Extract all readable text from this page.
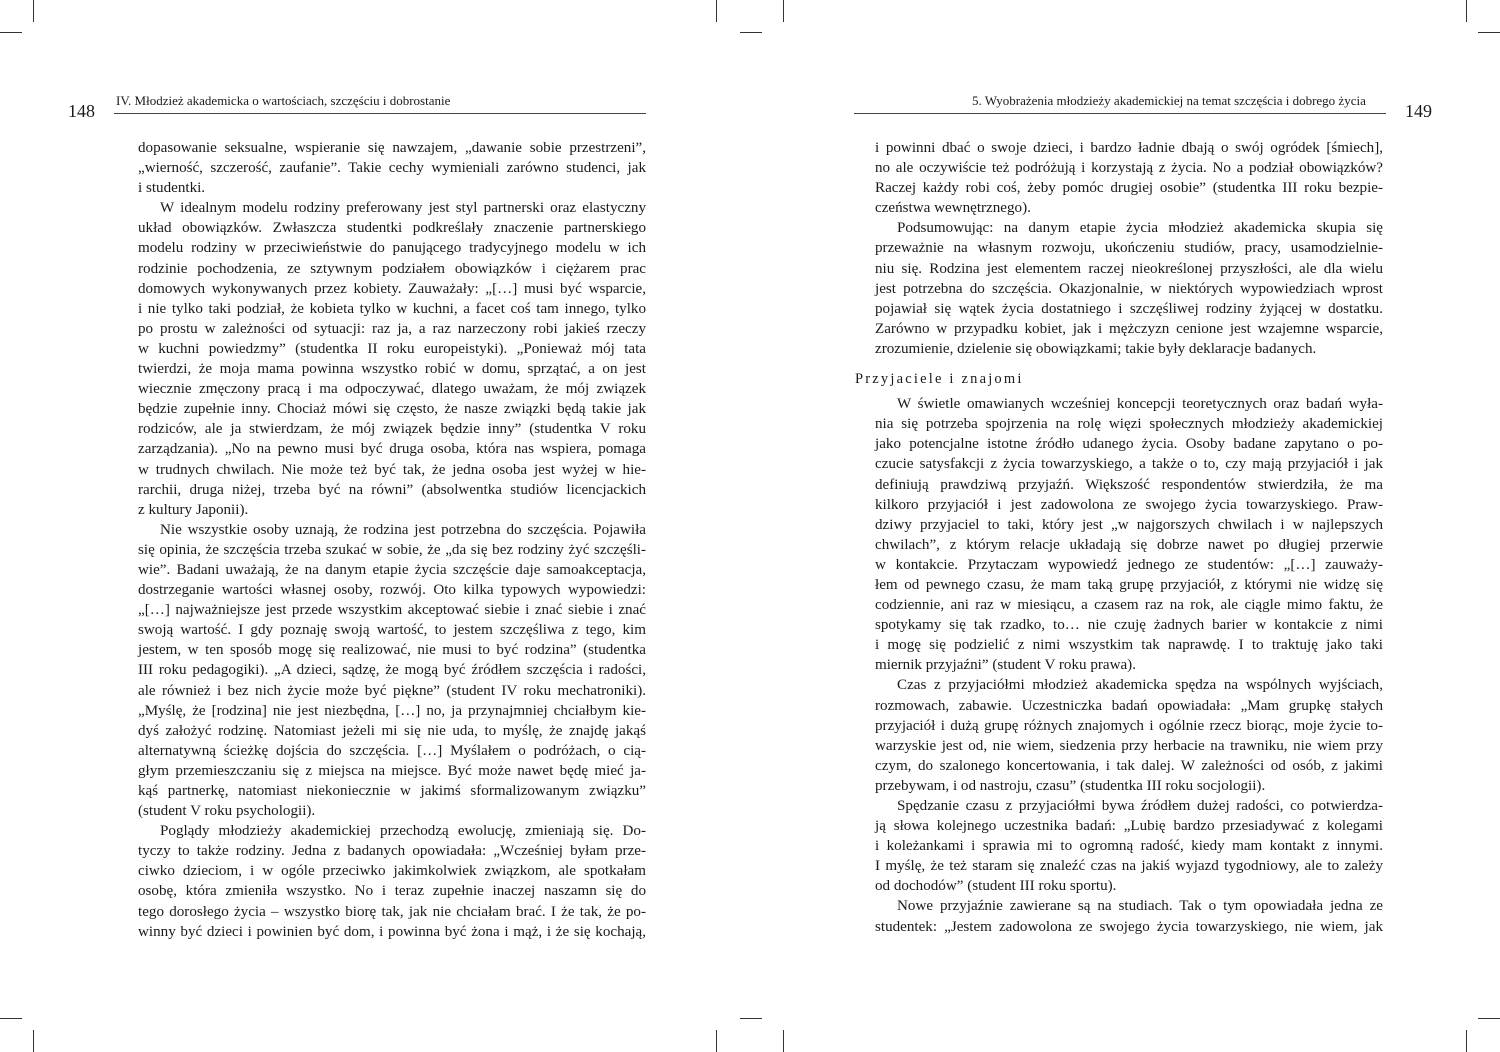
148
IV. Młodzież akademicka o wartościach, szczęściu i dobrostanie
dopasowanie seksualne, wspieranie się nawzajem, „dawanie sobie przestrzeni”,
„wierność, szczerość, zaufanie”. Takie cechy wymieniali zarówno studenci, jak
i studentki.
W idealnym modelu rodziny preferowany jest styl partnerski oraz elastyczny
układ obowiązków. Zwłaszcza studentki podkreślały znaczenie partnerskiego
modelu rodziny w przeciwieństwie do panującego tradycyjnego modelu w ich
rodzinie pochodzenia, ze sztywnym podziałem obowiązków i ciężarem prac
domowych wykonywanych przez kobiety. Zauważały: „[…] musi być wsparcie,
i nie tylko taki podział, że kobieta tylko w kuchni, a facet coś tam innego, tylko
po prostu w zależności od sytuacji: raz ja, a raz narzeczony robi jakieś rzeczy
w kuchni powiedzmy” (studentka II roku europeistyki). „Ponieważ mój tata
twierdzi, że moja mama powinna wszystko robić w domu, sprzątać, a on jest
wiecznie zmęczony pracą i ma odpoczywać, dlatego uważam, że mój związek
będzie zupełnie inny. Chociaż mówi się często, że nasze związki będą takie jak
rodziców, ale ja stwierdzam, że mój związek będzie inny” (studentka V roku
zarządzania). „No na pewno musi być druga osoba, która nas wspiera, pomaga
w trudnych chwilach. Nie może też być tak, że jedna osoba jest wyżej w hie-
rarchii, druga niżej, trzeba być na równi” (absolwentka studiów licencjackich
z kultury Japonii).
Nie wszystkie osoby uznają, że rodzina jest potrzebna do szczęścia. Pojawiła
się opinia, że szczęścia trzeba szukać w sobie, że „da się bez rodziny żyć szczęśli-
wie”. Badani uważają, że na danym etapie życia szczęście daje samoakceptacja,
dostrzeganie wartości własnej osoby, rozwój. Oto kilka typowych wypowiedzi:
„[…] najważniejsze jest przede wszystkim akceptować siebie i znać siebie i znać
swoją wartość. I gdy poznaję swoją wartość, to jestem szczęśliwa z tego, kim
jestem, w ten sposób mogę się realizować, nie musi to być rodzina” (studentka
III roku pedagogiki). „A dzieci, sądzę, że mogą być źródłem szczęścia i radości,
ale również i bez nich życie może być piękne” (student IV roku mechatroniki).
„Myślę, że [rodzina] nie jest niezbędna, […] no, ja przynajmniej chciałbym kie-
dyś założyć rodzinę. Natomiast jeżeli mi się nie uda, to myślę, że znajdę jakąś
alternatywną ścieżkę dojścia do szczęścia. […] Myślałem o podróżach, o cią-
głym przemieszczaniu się z miejsca na miejsce. Być może nawet będę mieć ja-
kąś partnerkę, natomiast niekoniecznie w jakimś sformalizowanym związku”
(student V roku psychologii).
Poglądy młodzieży akademickiej przechodzą ewolucję, zmieniają się. Do-
tyczy to także rodziny. Jedna z badanych opowiadała: „Wcześniej byłam prze-
ciwko dzieciom, i w ogóle przeciwko jakimkolwiek związkom, ale spotkałam
osobę, która zmieniła wszystko. No i teraz zupełnie inaczej naszamn się do
tego dorosłego życia – wszystko biorę tak, jak nie chciałam brać. I że tak, że po-
winny być dzieci i powinien być dom, i powinna być żona i mąż, i że się kochają,
149
5. Wyobrażenia młodzieży akademickiej na temat szczęścia i dobrego życia
i powinni dbać o swoje dzieci, i bardzo ładnie dbają o swój ogródek [śmiech],
no ale oczywiście też podróżują i korzystają z życia. No a podział obowiązków?
Raczej każdy robi coś, żeby pomóc drugiej osobie” (studentka III roku bezpie-
czeństwa wewnętrznego).
Podsumowując: na danym etapie życia młodzież akademicka skupia się
przeważnie na własnym rozwoju, ukończeniu studiów, pracy, usamodzielnie-
niu się. Rodzina jest elementem raczej nieokreślonej przyszłości, ale dla wielu
jest potrzebna do szczęścia. Okazjonalnie, w niektórych wypowiedziach wprost
pojawiał się wątek życia dostatniego i szczęśliwej rodziny żyjącej w dostatku.
Zarówno w przypadku kobiet, jak i mężczyzn cenione jest wzajemne wsparcie,
zrozumienie, dzielenie się obowiązkami; takie były deklaracje badanych.
Przyjaciele i znajomi
W świetle omawianych wcześniej koncepcji teoretycznych oraz badań wyła-
nia się potrzeba spojrzenia na rolę więzi społecznych młodzieży akademickiej
jako potencjalne istotne źródło udanego życia. Osoby badane zapytano o po-
czucie satysfakcji z życia towarzyskiego, a także o to, czy mają przyjaciół i jak
definiują prawdziwą przyjaźń. Większość respondentów stwierdziła, że ma
kilkoro przyjaciół i jest zadowolona ze swojego życia towarzyskiego. Praw-
dziwy przyjaciel to taki, który jest „w najgorszych chwilach i w najlepszych
chwilach”, z którym relacje układają się dobrze nawet po długiej przerwie
w kontakcie. Przytaczam wypowiedź jednego ze studentów: „[…] zauważy-
łem od pewnego czasu, że mam taką grupę przyjaciół, z którymi nie widzę się
codziennie, ani raz w miesiącu, a czasem raz na rok, ale ciągle mimo faktu, że
spotykamy się tak rzadko, to… nie czuję żadnych barier w kontakcie z nimi
i mogę się podzielić z nimi wszystkim tak naprawdę. I to traktuję jako taki
miernik przyjaźni” (student V roku prawa).
Czas z przyjaciółmi młodzież akademicka spędza na wspólnych wyjściach,
rozmowach, zabawie. Uczestniczka badań opowiadała: „Mam grupkę stałych
przyjaciół i dużą grupę różnych znajomych i ogólnie rzecz biorąc, moje życie to-
warzyskie jest od, nie wiem, siedzenia przy herbacie na trawniku, nie wiem przy
czym, do szalonego koncertowania, i tak dalej. W zależności od osób, z jakimi
przebywam, i od nastroju, czasu” (studentka III roku socjologii).
Spędzanie czasu z przyjaciółmi bywa źródłem dużej radości, co potwierdza-
ją słowa kolejnego uczestnika badań: „Lubię bardzo przesiadywać z kolegami
i koleżankami i sprawia mi to ogromną radość, kiedy mam kontakt z innymi.
I myślę, że też staram się znaleźć czas na jakiś wyjazd tygodniowy, ale to zależy
od dochodów” (student III roku sportu).
Nowe przyjaźnie zawierane są na studiach. Tak o tym opowiadała jedna ze
studentek: „Jestem zadowolona ze swojego życia towarzyskiego, nie wiem, jak
